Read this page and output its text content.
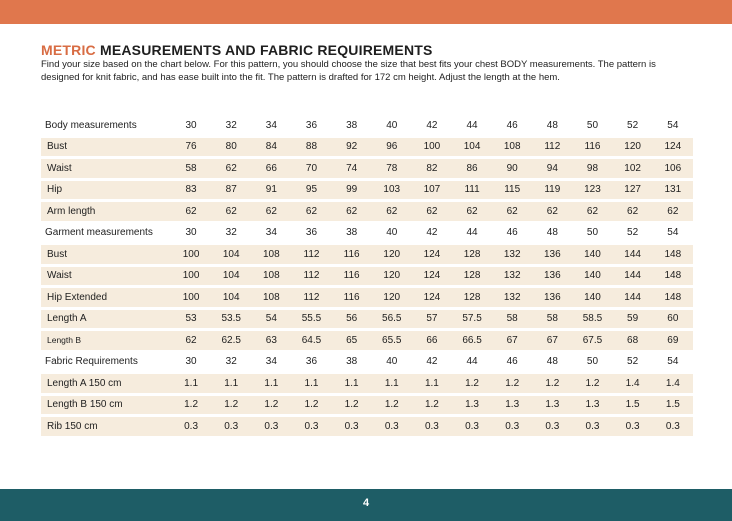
METRIC MEASUREMENTS AND FABRIC REQUIREMENTS
Find your size based on the chart below. For this pattern, you should choose the size that best fits your chest BODY measurements. The pattern is designed for knit fabric, and has ease built into the fit. The pattern is drafted for 172 cm height. Adjust the length at the hem.
Body measurements	30	32	34	36	38	40	42	44	46	48	50	52	54
Bust	76	80	84	88	92	96	100	104	108	112	116	120	124
Waist	58	62	66	70	74	78	82	86	90	94	98	102	106
Hip	83	87	91	95	99	103	107	111	115	119	123	127	131
Arm length	62	62	62	62	62	62	62	62	62	62	62	62	62
Garment measurements	30	32	34	36	38	40	42	44	46	48	50	52	54
Bust	100	104	108	112	116	120	124	128	132	136	140	144	148
Waist	100	104	108	112	116	120	124	128	132	136	140	144	148
Hip Extended	100	104	108	112	116	120	124	128	132	136	140	144	148
Length A	53	53.5	54	55.5	56	56.5	57	57.5	58	58	58.5	59	60
Length B	62	62.5	63	64.5	65	65.5	66	66.5	67	67	67.5	68	69
Fabric Requirements	30	32	34	36	38	40	42	44	46	48	50	52	54
Length A 150 cm	1.1	1.1	1.1	1.1	1.1	1.1	1.1	1.2	1.2	1.2	1.2	1.4	1.4
Length B 150 cm	1.2	1.2	1.2	1.2	1.2	1.2	1.2	1.3	1.3	1.3	1.3	1.5	1.5
Rib 150 cm	0.3	0.3	0.3	0.3	0.3	0.3	0.3	0.3	0.3	0.3	0.3	0.3	0.3
4
